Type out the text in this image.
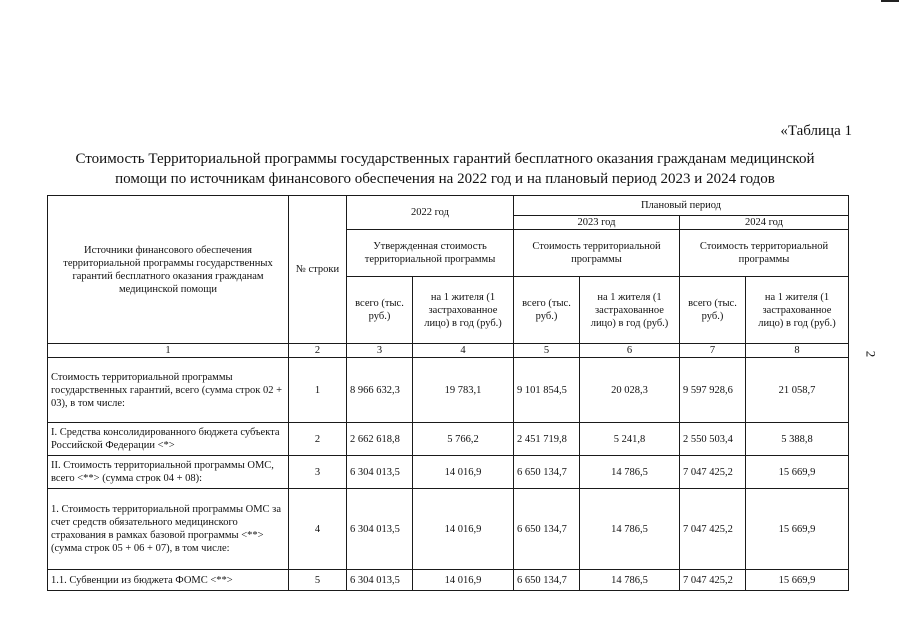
«Таблица 1
Стоимость Территориальной программы государственных гарантий бесплатного оказания гражданам медицинской
помощи по источникам финансового обеспечения на 2022 год и на плановый период 2023 и 2024 годов
2
Источники финансового обеспечения территориальной программы государственных гарантий бесплатного оказания гражданам медицинской помощи	№ строки	2022 год		Плановый период			
				2023 год		2024 год	
		Утвержденная стоимость территориальной программы		Стоимость территориальной программы		Стоимость территориальной программы	
		всего (тыс. руб.)	на 1 жителя (1 застрахованное лицо) в год (руб.)	всего (тыс. руб.)	на 1 жителя (1 застрахованное лицо) в год (руб.)	всего (тыс. руб.)	на 1 жителя (1 застрахованное лицо) в год (руб.)
1	2	3	4	5	6	7	8
Стоимость территориальной программы государственных гарантий, всего (сумма строк 02 + 03), в том числе:	1	8 966 632,3	19 783,1	9 101 854,5	20 028,3	9 597 928,6	21 058,7
I. Средства консолидированного бюджета субъекта Российской Федерации <*>	2	2 662 618,8	5 766,2	2 451 719,8	5 241,8	2 550 503,4	5 388,8
II. Стоимость территориальной программы ОМС, всего <**> (сумма строк 04 + 08):	3	6 304 013,5	14 016,9	6 650 134,7	14 786,5	7 047 425,2	15 669,9
1. Стоимость территориальной программы ОМС за счет средств обязательного медицинского страхования в рамках базовой программы <**> (сумма строк 05 + 06 + 07), в том числе:	4	6 304 013,5	14 016,9	6 650 134,7	14 786,5	7 047 425,2	15 669,9
1.1. Субвенции из бюджета ФОМС <**>	5	6 304 013,5	14 016,9	6 650 134,7	14 786,5	7 047 425,2	15 669,9
